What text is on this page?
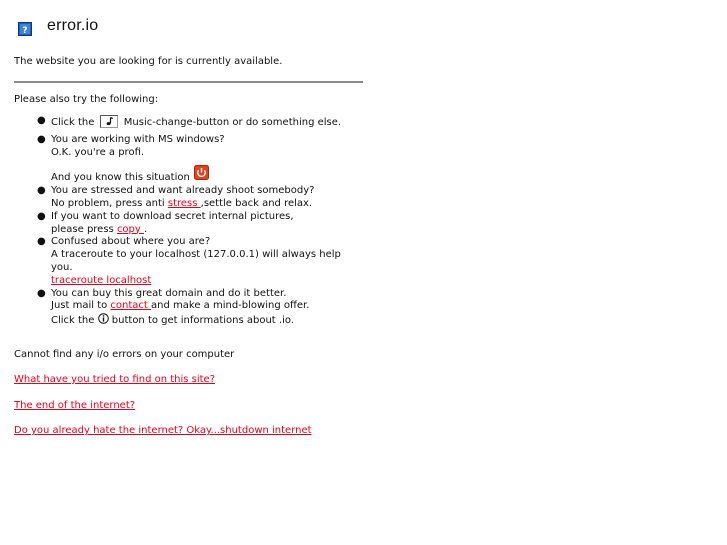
? error.io
The website you are looking for is currently available.
Please also try the following:
● Click the	Music-change-button or do something else.
● You are working with MS windows?
O.K. you're a profi.
And you know this situation
● You are stressed and want already shoot somebody?
No problem, press anti stress ,settle back and relax.
● If you want to download secret internal pictures,
please press copy .
● Confused about where you are?
A traceroute to your localhost (127.0.0.1) will always help
you.
traceroute localhost
● You can buy this great domain and do it better.
Just mail to contact and make a mind-blowing offer.
Click the  button to get informations about .io.
Cannot find any i/o errors on your computer
What have you tried to find on this site?
The end of the internet?
Do you already hate the internet? Okay...shutdown internet
